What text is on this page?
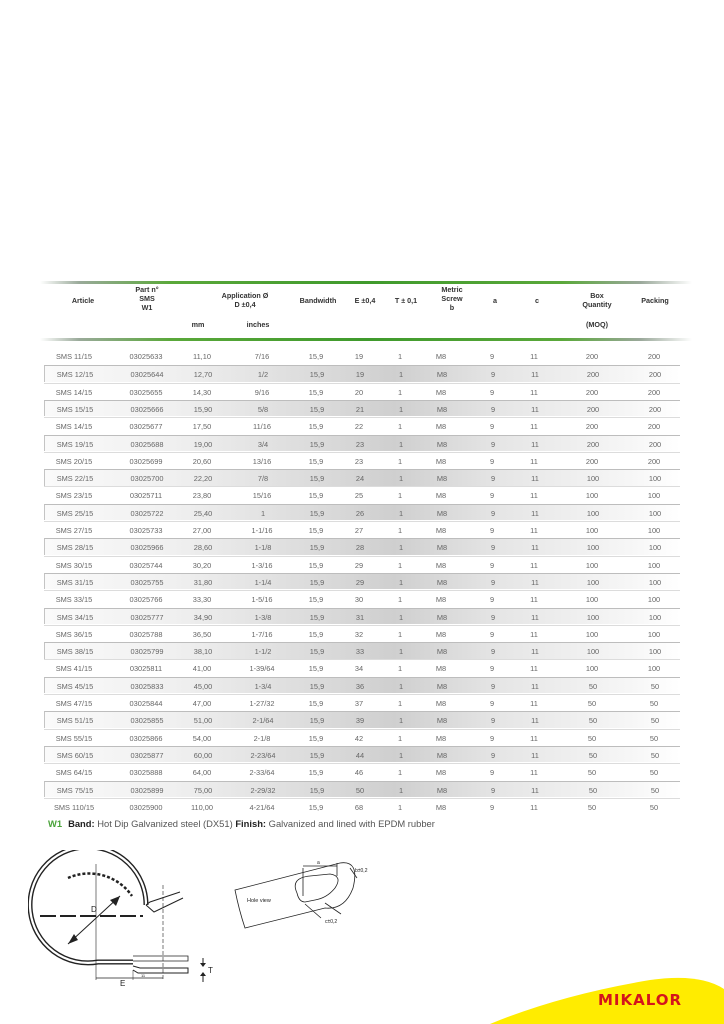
Article
Part n°
SMS
W1
Application Ø
D ±0,4
mm	inches
Bandwidth	E ±0,4	T ± 0,1
Metric
Screw
b
a	c
Box
Quantity
(MOQ)
Packing
SMS 11/15	03025633	11,10	7/16	15,9	19	1	M8	9	11	200	200
SMS 12/15	03025644	12,70	1/2	15,9	19	1	M8	9	11	200	200
SMS 14/15	03025655	14,30	9/16	15,9	20	1	M8	9	11	200	200
SMS 15/15	03025666	15,90	5/8	15,9	21	1	M8	9	11	200	200
SMS 14/15	03025677	17,50	11/16	15,9	22	1	M8	9	11	200	200
SMS 19/15	03025688	19,00	3/4	15,9	23	1	M8	9	11	200	200
SMS 20/15	03025699	20,60	13/16	15,9	23	1	M8	9	11	200	200
SMS 22/15	03025700	22,20	7/8	15,9	24	1	M8	9	11	100	100
SMS 23/15	03025711	23,80	15/16	15,9	25	1	M8	9	11	100	100
SMS 25/15	03025722	25,40	1	15,9	26	1	M8	9	11	100	100
SMS 27/15	03025733	27,00	1-1/16	15,9	27	1	M8	9	11	100	100
SMS 28/15	03025966	28,60	1-1/8	15,9	28	1	M8	9	11	100	100
SMS 30/15	03025744	30,20	1-3/16	15,9	29	1	M8	9	11	100	100
SMS 31/15	03025755	31,80	1-1/4	15,9	29	1	M8	9	11	100	100
SMS 33/15	03025766	33,30	1-5/16	15,9	30	1	M8	9	11	100	100
SMS 34/15	03025777	34,90	1-3/8	15,9	31	1	M8	9	11	100	100
SMS 36/15	03025788	36,50	1-7/16	15,9	32	1	M8	9	11	100	100
SMS 38/15	03025799	38,10	1-1/2	15,9	33	1	M8	9	11	100	100
SMS 41/15	03025811	41,00	1-39/64	15,9	34	1	M8	9	11	100	100
SMS 45/15	03025833	45,00	1-3/4	15,9	36	1	M8	9	11	50	50
SMS 47/15	03025844	47,00	1-27/32	15,9	37	1	M8	9	11	50	50
SMS 51/15	03025855	51,00	2-1/64	15,9	39	1	M8	9	11	50	50
SMS 55/15	03025866	54,00	2-1/8	15,9	42	1	M8	9	11	50	50
SMS 60/15	03025877	60,00	2-23/64	15,9	44	1	M8	9	11	50	50
SMS 64/15	03025888	64,00	2-33/64	15,9	46	1	M8	9	11	50	50
SMS 75/15	03025899	75,00	2-29/32	15,9	50	1	M8	9	11	50	50
SMS 110/15	03025900	110,00	4-21/64	15,9	68	1	M8	9	11	50	50
W1 Band: Hot Dip Galvanized steel (DX51) Finish: Galvanized and lined with EPDM rubber
D
E
T
11
a
b±0,2
c±0,2
Hole view
MIKALOR
